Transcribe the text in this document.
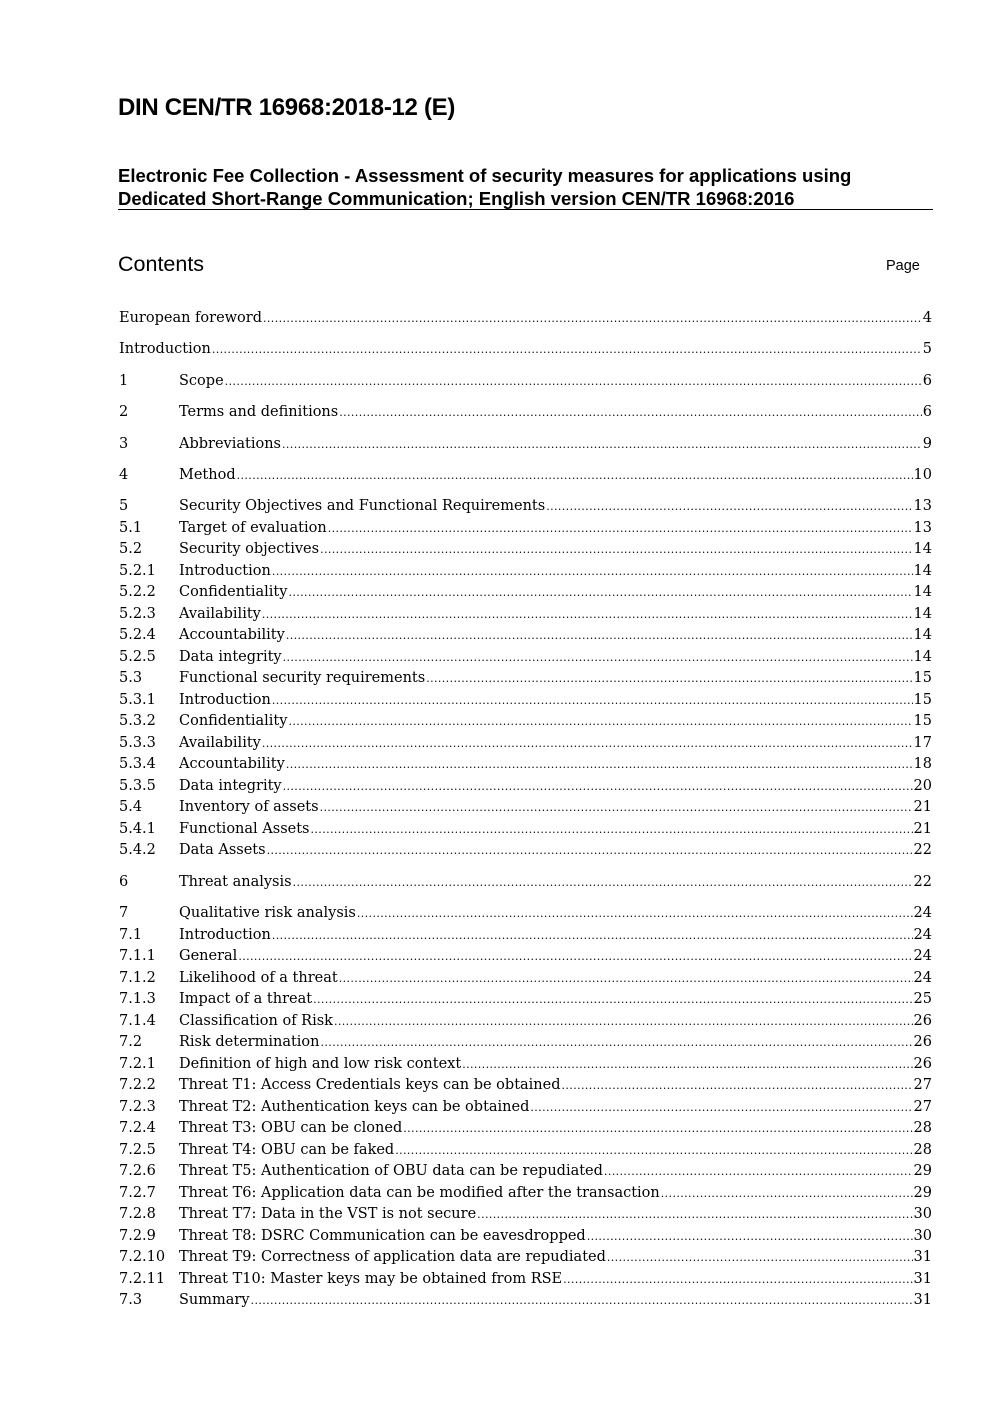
DIN CEN/TR 16968:2018-12 (E)
Electronic Fee Collection - Assessment of security measures for applications using
Dedicated Short-Range Communication; English version CEN/TR 16968:2016
Contents	Page
European foreword .....	4
Introduction .....	5
1	Scope .....	6
2	Terms and definitions .....	6
3	Abbreviations .....	9
4	Method .....	10
5	Security Objectives and Functional Requirements .....	13
5.1	Target of evaluation .....	13
5.2	Security objectives .....	14
5.2.1 Introduction .....	14
5.2.2 Confidentiality .....	14
5.2.3 Availability .....	14
5.2.4 Accountability .....	14
5.2.5 Data integrity .....	14
5.3	Functional security requirements .....	15
5.3.1 Introduction .....	15
5.3.2 Confidentiality .....	15
5.3.3 Availability .....	17
5.3.4 Accountability .....	18
5.3.5 Data integrity .....	20
5.4	Inventory of assets .....	21
5.4.1 Functional Assets .....	21
5.4.2 Data Assets .....	22
6	Threat analysis .....	22
7	Qualitative risk analysis .....	24
7.1	Introduction .....	24
7.1.1 General .....	24
7.1.2 Likelihood of a threat .....	24
7.1.3 Impact of a threat .....	25
7.1.4 Classification of Risk .....	26
7.2	Risk determination .....	26
7.2.1 Definition of high and low risk context .....	26
7.2.2 Threat T1: Access Credentials keys can be obtained .....	27
7.2.3 Threat T2: Authentication keys can be obtained .....	27
7.2.4 Threat T3: OBU can be cloned .....	28
7.2.5 Threat T4: OBU can be faked .....	28
7.2.6 Threat T5: Authentication of OBU data can be repudiated .....	29
7.2.7 Threat T6: Application data can be modified after the transaction .....	29
7.2.8 Threat T7: Data in the VST is not secure .....	30
7.2.9 Threat T8: DSRC Communication can be eavesdropped .....	30
7.2.10 Threat T9: Correctness of application data are repudiated .....	31
7.2.11 Threat T10: Master keys may be obtained from RSE .....	31
7.3	Summary .....	31
